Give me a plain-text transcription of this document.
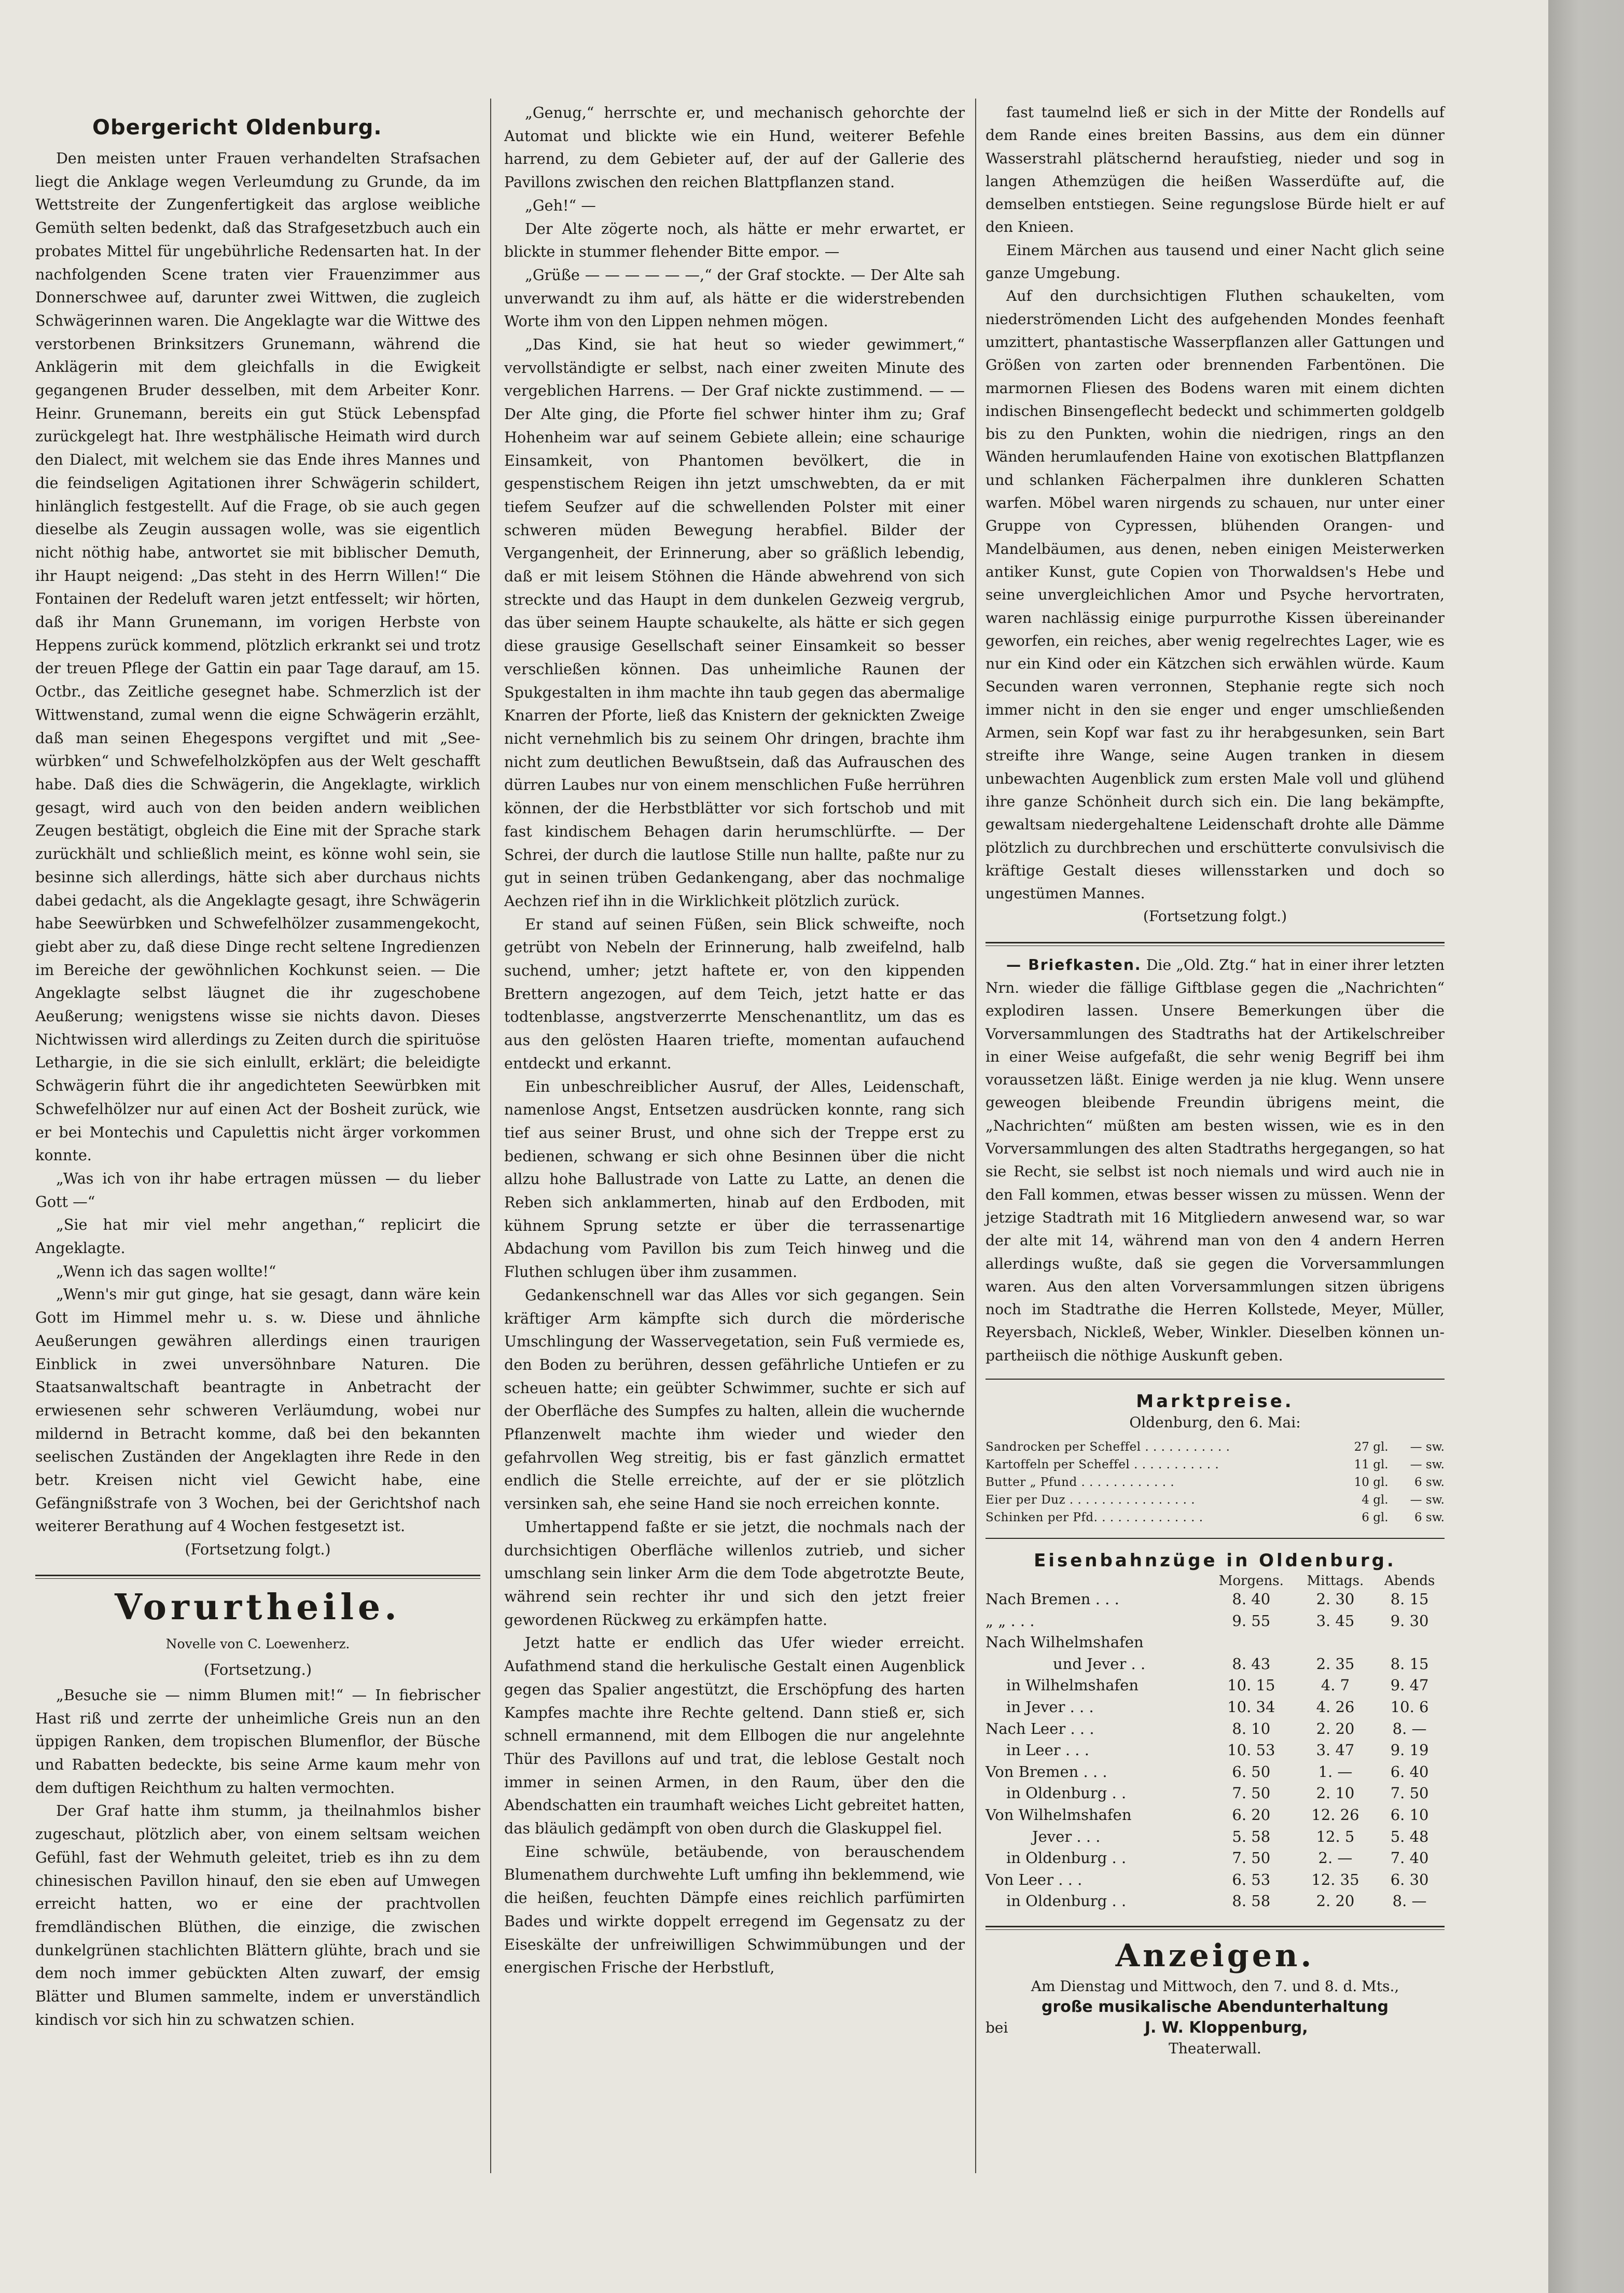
Obergericht Oldenburg.

Den meisten unter Frauen verhandelten Strafsachen liegt die Anklage wegen Verleumdung zu Grunde, da im Wettstreite der Zungenfertigkeit das arglose weibliche Gemüth selten bedenkt, daß das Strafgesetzbuch auch ein probates Mittel für ungebührliche Redensarten hat. In der nachfolgenden Scene traten vier Frauenzimmer aus Donnerschwee auf, darunter zwei Wittwen, die zugleich Schwägerinnen waren. Die Angeklagte war die Wittwe des verstorbenen Brinksitzers Grunemann, während die Anklägerin mit dem gleichfalls in die Ewigkeit gegangenen Bruder desselben, mit dem Arbeiter Konr. Heinr. Grunemann, bereits ein gut Stück Lebenspfad zurückgelegt hat. Ihre westphälische Heimath wird durch den Dialect, mit welchem sie das Ende ihres Mannes und die feindseligen Agitationen ihrer Schwägerin schildert, hinlänglich festgestellt. Auf die Frage, ob sie auch gegen dieselbe als Zeugin aussagen wolle, was sie eigentlich nicht nöthig habe, antwortet sie mit biblischer Demuth, ihr Haupt neigend: „Das steht in des Herrn Willen!“ Die Fontainen der Redeluft waren jetzt entfesselt; wir hörten, daß ihr Mann Grunemann, im vorigen Herbste von Heppens zurück kommend, plötzlich erkrankt sei und trotz der treuen Pflege der Gattin ein paar Tage darauf, am 15. Octbr., das Zeitliche gesegnet habe. Schmerzlich ist der Wittwenstand, zumal wenn die eigne Schwägerin erzählt, daß man seinen Ehegespons vergiftet und mit „Seewürbken“ und Schwefelholzköpfen aus der Welt geschafft habe. Daß dies die Schwägerin, die Angeklagte, wirklich gesagt, wird auch von den beiden andern weiblichen Zeugen bestätigt, obgleich die Eine mit der Sprache stark zurückhält und schließlich meint, es könne wohl sein, sie besinne sich allerdings, hätte sich aber durchaus nichts dabei gedacht, als die Angeklagte gesagt, ihre Schwägerin habe Seewürbken und Schwefelhölzer zusammengekocht, giebt aber zu, daß diese Dinge recht seltene Ingredienzen im Bereiche der gewöhnlichen Kochkunst seien. — Die Angeklagte selbst läugnet die ihr zugeschobene Aeußerung; wenigstens wisse sie nichts davon. Dieses Nichtwissen wird allerdings zu Zeiten durch die spirituöse Lethargie, in die sie sich einlullt, erklärt; die beleidigte Schwägerin führt die ihr angedichteten Seewürbken mit Schwefelhölzer nur auf einen Act der Bosheit zurück, wie er bei Montechis und Capulettis nicht ärger vorkommen konnte.

„Was ich von ihr habe ertragen müssen — du lieber Gott —“

„Sie hat mir viel mehr angethan,“ replicirt die Angeklagte.

„Wenn ich das sagen wollte!“

„Wenn's mir gut ginge, hat sie gesagt, dann wäre kein Gott im Himmel mehr u. s. w. Diese und ähnliche Aeußerungen gewähren allerdings einen traurigen Einblick in zwei unversöhnbare Naturen. Die Staatsanwaltschaft beantragte in Anbetracht der erwiesenen sehr schweren Verläumdung, wobei nur mildernd in Betracht komme, daß bei den bekannten seelischen Zuständen der Angeklagten ihre Rede in den betr. Kreisen nicht viel Gewicht habe, eine Gefängnißstrafe von 3 Wochen, bei der Gerichtshof nach weiterer Berathung auf 4 Wochen festgesetzt ist.

(Fortsetzung folgt.)

Vorurtheile.
Novelle von C. Loewenherz.
(Fortsetzung.)

„Besuche sie — nimm Blumen mit!“ — In fiebrischer Hast riß und zerrte der unheimliche Greis nun an den üppigen Ranken, dem tropischen Blumenflor, der Büsche und Rabatten bedeckte, bis seine Arme kaum mehr von dem duftigen Reichthum zu halten vermochten.

Der Graf hatte ihm stumm, ja theilnahmlos bisher zugeschaut, plötzlich aber, von einem seltsam weichen Gefühl, fast der Wehmuth geleitet, trieb es ihn zu dem chinesischen Pavillon hinauf, den sie eben auf Umwegen erreicht hatten, wo er eine der prachtvollen fremdländischen Blüthen, die einzige, die zwischen dunkelgrünen stachlichten Blättern glühte, brach und sie dem noch immer gebückten Alten zuwarf, der emsig Blätter und Blumen sammelte, indem er unverständlich kindisch vor sich hin zu schwatzen schien.

„Genug,“ herrschte er, und mechanisch gehorchte der Automat und blickte wie ein Hund, weiterer Befehle harrend, zu dem Gebieter auf, der auf der Gallerie des Pavillons zwischen den reichen Blattpflanzen stand.

„Geh!“ —

Der Alte zögerte noch, als hätte er mehr erwartet, er blickte in stummer flehender Bitte empor. —

„Grüße — — — — — —,“ der Graf stockte. — Der Alte sah unverwandt zu ihm auf, als hätte er die widerstrebenden Worte ihm von den Lippen nehmen mögen.

„Das Kind, sie hat heut so wieder gewimmert,“ vervollständigte er selbst, nach einer zweiten Minute des vergeblichen Harrens. — Der Graf nickte zustimmend. — — Der Alte ging, die Pforte fiel schwer hinter ihm zu; Graf Hohenheim war auf seinem Gebiete allein; eine schaurige Einsamkeit, von Phantomen bevölkert, die in gespenstischem Reigen ihn jetzt umschwebten, da er mit tiefem Seufzer auf die schwellenden Polster mit einer schweren müden Bewegung herabfiel. Bilder der Vergangenheit, der Erinnerung, aber so gräßlich lebendig, daß er mit leisem Stöhnen die Hände abwehrend von sich streckte und das Haupt in dem dunkelen Gezweig vergrub, das über seinem Haupte schaukelte, als hätte er sich gegen diese grausige Gesellschaft seiner Einsamkeit so besser verschließen können. Das unheimliche Raunen der Spukgestalten in ihm machte ihn taub gegen das abermalige Knarren der Pforte, ließ das Knistern der geknickten Zweige nicht vernehmlich bis zu seinem Ohr dringen, brachte ihm nicht zum deutlichen Bewußtsein, daß das Aufrauschen des dürren Laubes nur von einem menschlichen Fuße herrühren können, der die Herbstblätter vor sich fortschob und mit fast kindischem Behagen darin herumschlürfte. — Der Schrei, der durch die lautlose Stille nun hallte, paßte nur zu gut in seinen trüben Gedankengang, aber das nochmalige Aechzen rief ihn in die Wirklichkeit plötzlich zurück.

Er stand auf seinen Füßen, sein Blick schweifte, noch getrübt von Nebeln der Erinnerung, halb zweifelnd, halb suchend, umher; jetzt haftete er, von den kippenden Brettern angezogen, auf dem Teich, jetzt hatte er das todtenblasse, angstverzerrte Menschenantlitz, um das es aus den gelösten Haaren triefte, momentan aufauchend entdeckt und erkannt.

Ein unbeschreiblicher Ausruf, der Alles, Leidenschaft, namenlose Angst, Entsetzen ausdrücken konnte, rang sich tief aus seiner Brust, und ohne sich der Treppe erst zu bedienen, schwang er sich ohne Besinnen über die nicht allzu hohe Ballustrade von Latte zu Latte, an denen die Reben sich anklammerten, hinab auf den Erdboden, mit kühnem Sprung setzte er über die terrassenartige Abdachung vom Pavillon bis zum Teich hinweg und die Fluthen schlugen über ihm zusammen.

Gedankenschnell war das Alles vor sich gegangen. Sein kräftiger Arm kämpfte sich durch die mörderische Umschlingung der Wasservegetation, sein Fuß vermiede es, den Boden zu berühren, dessen gefährliche Untiefen er zu scheuen hatte; ein geübter Schwimmer, suchte er sich auf der Oberfläche des Sumpfes zu halten, allein die wuchernde Pflanzenwelt machte ihm wieder und wieder den gefahrvollen Weg streitig, bis er fast gänzlich ermattet endlich die Stelle erreichte, auf der er sie plötzlich versinken sah, ehe seine Hand sie noch erreichen konnte.

Umhertappend faßte er sie jetzt, die nochmals nach der durchsichtigen Oberfläche willenlos zutrieb, und sicher umschlang sein linker Arm die dem Tode abgetrotzte Beute, während sein rechter ihr und sich den jetzt freier gewordenen Rückweg zu erkämpfen hatte.

Jetzt hatte er endlich das Ufer wieder erreicht. Aufathmend stand die herkulische Gestalt einen Augenblick gegen das Spalier angestützt, die Erschöpfung des harten Kampfes machte ihre Rechte geltend. Dann stieß er, sich schnell ermannend, mit dem Ellbogen die nur angelehnte Thür des Pavillons auf und trat, die leblose Gestalt noch immer in seinen Armen, in den Raum, über den die Abendschatten ein traumhaft weiches Licht gebreitet hatten, das bläulich gedämpft von oben durch die Glaskuppel fiel.

Eine schwüle, betäubende, von berauschendem Blumenathem durchwehte Luft umfing ihn beklemmend, wie die heißen, feuchten Dämpfe eines reichlich parfümirten Bades und wirkte doppelt erregend im Gegensatz zu der Eiseskälte der unfreiwilligen Schwimmübungen und der energischen Frische der Herbstluft,

fast taumelnd ließ er sich in der Mitte der Rondells auf dem Rande eines breiten Bassins, aus dem ein dünner Wasserstrahl plätschernd heraufstieg, nieder und sog in langen Athemzügen die heißen Wasserdüfte auf, die demselben entstiegen. Seine regungslose Bürde hielt er auf den Knieen.

Einem Märchen aus tausend und einer Nacht glich seine ganze Umgebung.

Auf den durchsichtigen Fluthen schaukelten, vom niederströmenden Licht des aufgehenden Mondes feenhaft umzittert, phantastische Wasserpflanzen aller Gattungen und Größen von zarten oder brennenden Farbentönen. Die marmornen Fliesen des Bodens waren mit einem dichten indischen Binsengeflecht bedeckt und schimmerten goldgelb bis zu den Punkten, wohin die niedrigen, rings an den Wänden herumlaufenden Haine von exotischen Blattpflanzen und schlanken Fächerpalmen ihre dunkleren Schatten warfen. Möbel waren nirgends zu schauen, nur unter einer Gruppe von Cypressen, blühenden Orangen- und Mandelbäumen, aus denen, neben einigen Meisterwerken antiker Kunst, gute Copien von Thorwaldsen's Hebe und seine unvergleichlichen Amor und Psyche hervortraten, waren nachlässig einige purpurrothe Kissen übereinander geworfen, ein reiches, aber wenig regelrechtes Lager, wie es nur ein Kind oder ein Kätzchen sich erwählen würde. Kaum Secunden waren verronnen, Stephanie regte sich noch immer nicht in den sie enger und enger umschließenden Armen, sein Kopf war fast zu ihr herabgesunken, sein Bart streifte ihre Wange, seine Augen tranken in diesem unbewachten Augenblick zum ersten Male voll und glühend ihre ganze Schönheit durch sich ein. Die lang bekämpfte, gewaltsam niedergehaltene Leidenschaft drohte alle Dämme plötzlich zu durchbrechen und erschütterte convulsivisch die kräftige Gestalt dieses willensstarken und doch so ungestümen Mannes.

(Fortsetzung folgt.)

— Briefkasten. Die „Old. Ztg.“ hat in einer ihrer letzten Nrn. wieder die fällige Giftblase gegen die „Nachrichten“ explodiren lassen. Unsere Bemerkungen über die Vorversammlungen des Stadtraths hat der Artikelschreiber in einer Weise aufgefaßt, die sehr wenig Begriff bei ihm voraussetzen läßt. Einige werden ja nie klug. Wenn unsere geweogen bleibende Freundin übrigens meint, die „Nachrichten“ müßten am besten wissen, wie es in den Vorversammlungen des alten Stadtraths hergegangen, so hat sie Recht, sie selbst ist noch niemals und wird auch nie in den Fall kommen, etwas besser wissen zu müssen. Wenn der jetzige Stadtrath mit 16 Mitgliedern anwesend war, so war der alte mit 14, während man von den 4 andern Herren allerdings wußte, daß sie gegen die Vorversammlungen waren. Aus den alten Vorversammlungen sitzen übrigens noch im Stadtrathe die Herren Kollstede, Meyer, Müller, Reyersbach, Nickleß, Weber, Winkler. Dieselben können unpartheiisch die nöthige Auskunft geben.

Marktpreise.
Oldenburg, den 6. Mai:
Sandrocken per Scheffel . . . . . . . . . . .	27 gl.	— sw.
Kartoffeln per Scheffel . . . . . . . . . . .	11 gl.	— sw.
Butter „ Pfund . . . . . . . . . . . .	10 gl.	6 sw.
Eier per Duz . . . . . . . . . . . . . . . .	4 gl.	— sw.
Schinken per Pfd. . . . . . . . . . . . . .	6 gl.	6 sw.
Eisenbahnzüge in Oldenburg.
	Morgens.	Mittags.	Abends
Nach Bremen . . .	8. 40	2. 30	8. 15
„ „ . . .	9. 55	3. 45	9. 30
Nach Wilhelmshafen			
und Jever . .	8. 43	2. 35	8. 15
in Wilhelmshafen	10. 15	4. 7	9. 47
in Jever . . .	10. 34	4. 26	10. 6
Nach Leer . . .	8. 10	2. 20	8. —
in Leer . . .	10. 53	3. 47	9. 19
Von Bremen . . .	6. 50	1. —	6. 40
in Oldenburg . .	7. 50	2. 10	7. 50
Von Wilhelmshafen	6. 20	12. 26	6. 10
Jever . . .	5. 58	12. 5	5. 48
in Oldenburg . .	7. 50	2. —	7. 40
Von Leer . . .	6. 53	12. 35	6. 30
in Oldenburg . .	8. 58	2. 20	8. —
Anzeigen.

Am Dienstag und Mittwoch, den 7. und 8. d. Mts.,

große musikalische Abendunterhaltung

bei	J. W. Kloppenburg,

Theaterwall.
